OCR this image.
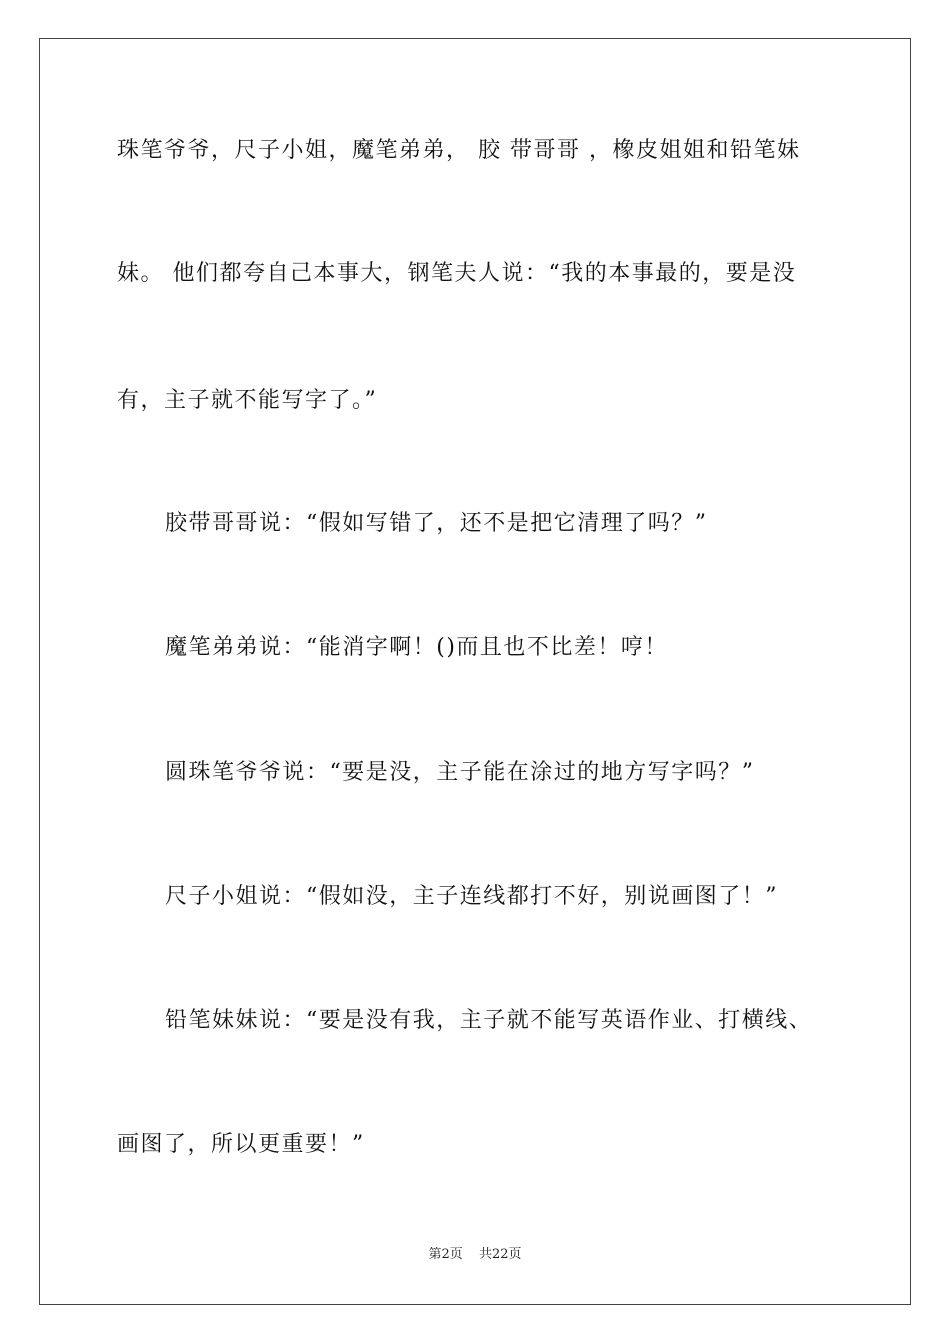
珠笔爷爷，尺子小姐，魔笔弟弟， 胶 带哥哥 ，橡皮姐姐和铅笔妹
妹。 他们都夸自己本事大，钢笔夫人说：“我的本事最的，要是没
有，主子就不能写字了。”
胶带哥哥说：“假如写错了，还不是把它清理了吗？”
魔笔弟弟说：“能消字啊！()而且也不比差！哼！
圆珠笔爷爷说：“要是没，主子能在涂过的地方写字吗？”
尺子小姐说：“假如没，主子连线都打不好，别说画图了！”
铅笔妹妹说：“要是没有我，主子就不能写英语作业、打横线、
画图了，所以更重要！”
第2页 共22页
